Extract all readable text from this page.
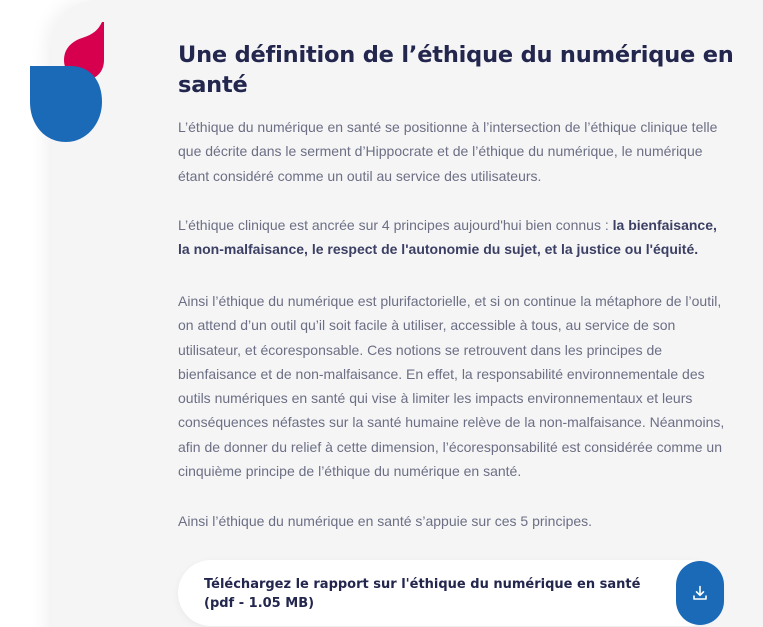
Une définition de l’éthique du numérique en santé

L’éthique du numérique en santé se positionne à l’intersection de l’éthique clinique telle que décrite dans le serment d’Hippocrate et de l’éthique du numérique, le numérique étant considéré comme un outil au service des utilisateurs.

L’éthique clinique est ancrée sur 4 principes aujourd'hui bien connus : la bienfaisance, la non-malfaisance, le respect de l'autonomie du sujet, et la justice ou l'équité.

Ainsi l’éthique du numérique est plurifactorielle, et si on continue la métaphore de l’outil, on attend d’un outil qu’il soit facile à utiliser, accessible à tous, au service de son utilisateur, et écoresponsable. Ces notions se retrouvent dans les principes de bienfaisance et de non-malfaisance. En effet, la responsabilité environnementale des outils numériques en santé qui vise à limiter les impacts environnementaux et leurs conséquences néfastes sur la santé humaine relève de la non-malfaisance. Néanmoins, afin de donner du relief à cette dimension, l’écoresponsabilité est considérée comme un cinquième principe de l’éthique du numérique en santé.

Ainsi l’éthique du numérique en santé s’appuie sur ces 5 principes.

Téléchargez le rapport sur l'éthique du numérique en santé (pdf - 1.05 MB)
